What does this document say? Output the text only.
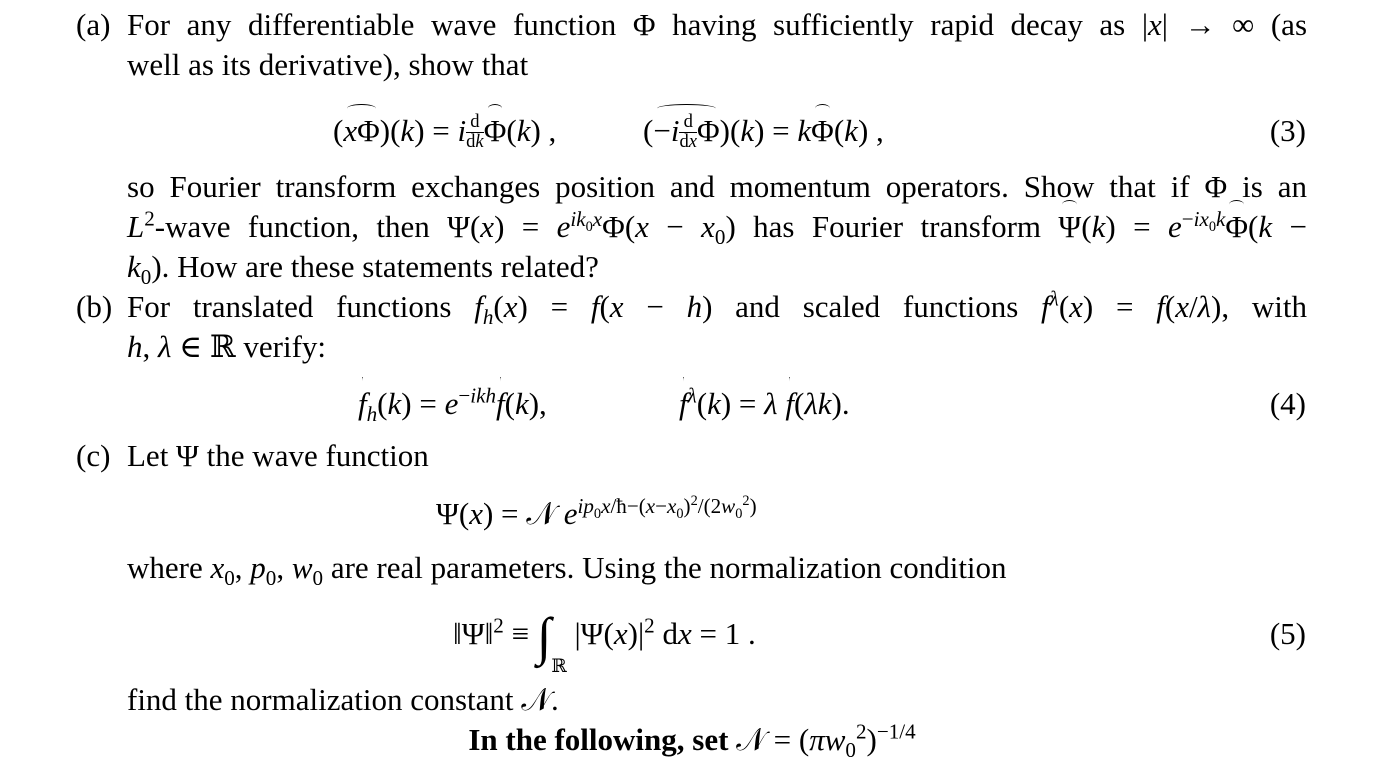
(a) For any differentiable wave function Φ having sufficiently rapid decay as |x| → ∞ (as
well as its derivative), show that
(xΦ)(k) = i $\frac{d}{dk} \Phi(k)$ ,	$(-i \frac{d}{dx} \Phi)(k) = k\Phi(k)$ ,	(3)
so Fourier transform exchanges position and momentum operators. Show that if Φ is an
$L^2$-wave function, then $\Psi(x) = e^{ik_0x}\Phi(x - x_0)$ has Fourier transform $\Psi(k) = e^{-ix_0k}\Phi(k$ −
$k_0$). How are these statements related?
(b) For translated functions $f_h(x) = f(x - h)$ and scaled functions $f^\lambda(x) = f(x/\lambda)$, with
h, λ ∈ ℝ verify:
$f_h(k) = e^{-ikh}f(k)$,	$f^\lambda(k) = \lambda$ f(λk).	(4)
(c) Let Ψ the wave function
Ψ(x) = 𝒩 $e^{ip_0x/ħ-(x-x_0)^2/(2w_0^2)}$
where $x_0$, $p_0$, $w_0$ are real parameters. Using the normalization condition
‖Ψ‖$^2$ ≡ $\int_ℝ$ $|\Psi(x)|^2$ dx = 1 .	(5)
find the normalization constant 𝒩.
In the following, set 𝒩 = $(\pi w_0^2)^{-1/4}$
